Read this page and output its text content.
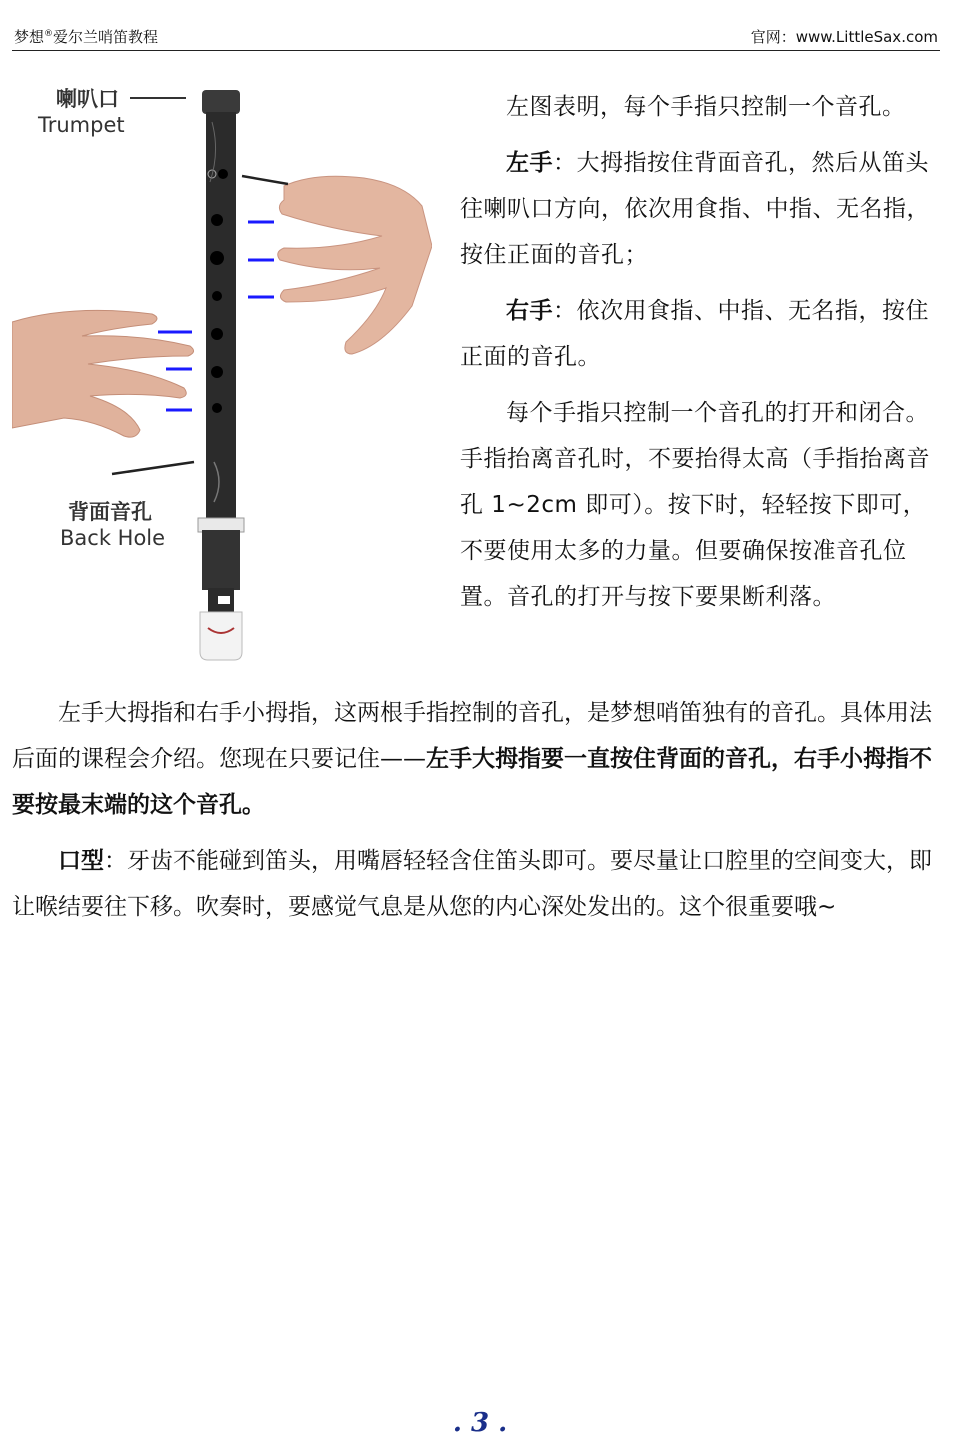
梦想®爱尔兰哨笛教程	官网：www.LittleSax.com
喇叭口
Trumpet
背面音孔
Back Hole

左图表明，每个手指只控制一个音孔。

左手：大拇指按住背面音孔，然后从笛头往喇叭口方向，依次用食指、中指、无名指，按住正面的音孔；

右手：依次用食指、中指、无名指，按住正面的音孔。

每个手指只控制一个音孔的打开和闭合。手指抬离音孔时，不要抬得太高（手指抬离音孔 1~2cm 即可）。按下时，轻轻按下即可，不要使用太多的力量。但要确保按准音孔位置。音孔的打开与按下要果断利落。

左手大拇指和右手小拇指，这两根手指控制的音孔，是梦想哨笛独有的音孔。具体用法后面的课程会介绍。您现在只要记住——左手大拇指要一直按住背面的音孔，右手小拇指不要按最末端的这个音孔。

口型：牙齿不能碰到笛头，用嘴唇轻轻含住笛头即可。要尽量让口腔里的空间变大，即让喉结要往下移。吹奏时，要感觉气息是从您的内心深处发出的。这个很重要哦~

. 3 .
